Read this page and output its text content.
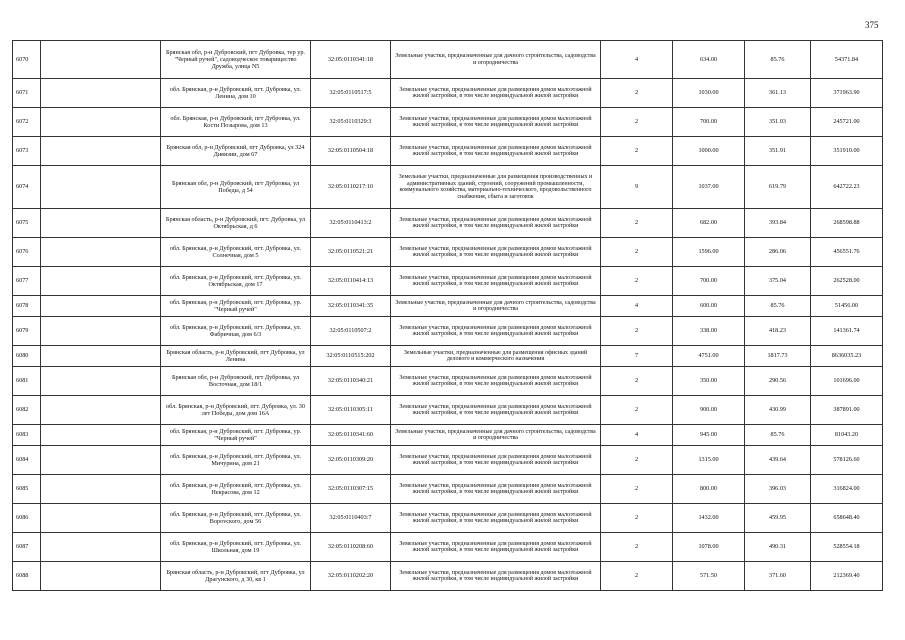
375
6070		Брянская обл, р-н Дубровский, пгт Дубровка, тер ур. "Черный ручей", садоводческое товарищество Дружба, улица N5	32:05:0110341:18	Земельные участки, предназначенные для дачного строительства, садоводства и огородничества	4	634.00	85.76	54371.84
6071		обл. Брянская, р-н Дубровский, пгт. Дубровка, ул. Ленина, дом 10	32:05:0110517:5	Земельные участки, предназначенные для размещения домов малоэтажной жилой застройки, в том числе индивидуальной жилой застройки	2	1030.00	361.13	371963.90
6072		обл. Брянская, р-н Дубровский, пгт Дубровка, ул. Кости Позырова, дом 13	32:05:0110329:3	Земельные участки, предназначенные для размещения домов малоэтажной жилой застройки, в том числе индивидуальной жилой застройки	2	700.00	351.03	245721.00
6073		Брянская обл, р-н Дубровский, пгт Дубровка, ул 324 Дивизии, дом 67	32:05:0110504:18	Земельные участки, предназначенные для размещения домов малоэтажной жилой застройки, в том числе индивидуальной жилой застройки	2	1000.00	351.91	351910.00
6074		Брянская обл, р-н Дубровский, пгт Дубровка, ул Победы, д 54	32:05:0110217:10	Земельные участки, предназначенные для размещения производственных и административных зданий, строений, сооружений промышленности, коммунального хозяйства, материально-технического, продовольственного снабжения, сбыта и заготовок	9	1037.00	619.79	642722.23
6075		Брянская область, р-н Дубровский, пгт. Дубровка, ул Октябрьская, д 6	32:05:0110413:2	Земельные участки, предназначенные для размещения домов малоэтажной жилой застройки, в том числе индивидуальной жилой застройки	2	682.00	393.84	268598.88
6076		обл. Брянская, р-н Дубровский, пгт. Дубровка, ул. Солнечная, дом 5	32:05:0110521:21	Земельные участки, предназначенные для размещения домов малоэтажной жилой застройки, в том числе индивидуальной жилой застройки	2	1596.00	286.06	456551.76
6077		обл. Брянская, р-н Дубровский, пгт. Дубровка, ул. Октябрьская, дом 17	32:05:0110414:13	Земельные участки, предназначенные для размещения домов малоэтажной жилой застройки, в том числе индивидуальной жилой застройки	2	700.00	375.04	262528.00
6078		обл. Брянская, р-н Дубровский, пгт. Дубровка, ур. "Черный ручей"	32:05:0110341:35	Земельные участки, предназначенные для дачного строительства, садоводства и огородничества	4	600.00	85.76	51456.00
6079		обл. Брянская, р-н Дубровский, пгт. Дубровка, ул. Фабричная, дом 6/3	32:05:0110507:2	Земельные участки, предназначенные для размещения домов малоэтажной жилой застройки, в том числе индивидуальной жилой застройки	2	338.00	418.23	141361.74
6080		Брянская область, р-н Дубровский, пгт Дубровка, ул Ленина	32:05:0110515:202	Земельные участки, предназначенные для размещения офисных зданий делового и коммерческого назначения	7	4751.00	1817.73	8636035.23
6081		Брянская обл, р-н Дубровский, пгт Дубровка, ул Восточная, дом 18/1	32:05:0110340:21	Земельные участки, предназначенные для размещения домов малоэтажной жилой застройки, в том числе индивидуальной жилой застройки	2	350.00	290.56	101696.00
6082		обл. Брянская, р-н Дубровский, пгт. Дубровка, ул. 30 лет Победы, дом дом 16А	32:05:0110305:11	Земельные участки, предназначенные для размещения домов малоэтажной жилой застройки, в том числе индивидуальной жилой застройки	2	900.00	430.99	387891.00
6083		обл. Брянская, р-н Дубровский, пгт. Дубровка, ур. "Черный ручей"	32:05:0110341:60	Земельные участки, предназначенные для дачного строительства, садоводства и огородничества	4	945.00	85.76	81043.20
6084		обл. Брянская, р-н Дубровский, пгт. Дубровка, ул. Мичурина, дом 21	32:05:0110309:20	Земельные участки, предназначенные для размещения домов малоэтажной жилой застройки, в том числе индивидуальной жилой застройки	2	1315.00	439.64	578126.60
6085		обл. Брянская, р-н Дубровский, пгт. Дубровка, ул. Некрасова, дом 12	32:05:0110307:15	Земельные участки, предназначенные для размещения домов малоэтажной жилой застройки, в том числе индивидуальной жилой застройки	2	800.00	396.03	316824.00
6086		обл. Брянская, р-н Дубровский, пгт. Дубровка, ул. Ворovского, дом 56	32:05:0110403:7	Земельные участки, предназначенные для размещения домов малоэтажной жилой застройки, в том числе индивидуальной жилой застройки	2	1432.00	459.95	658648.40
6087		обл. Брянская, р-н Дубровский, пгт. Дубровка, ул. Школьная, дом 19	32:05:0110208:60	Земельные участки, предназначенные для размещения домов малоэтажной жилой застройки, в том числе индивидуальной жилой застройки	2	1078.00	490.31	528554.18
6088		Брянская область, р-н Дубровский, пгт Дубровка, ул Драгунского, д 30, кв 1	32:05:0110202:20	Земельные участки, предназначенные для размещения домов малоэтажной жилой застройки, в том числе индивидуальной жилой застройки	2	571.50	371.60	212369.40
